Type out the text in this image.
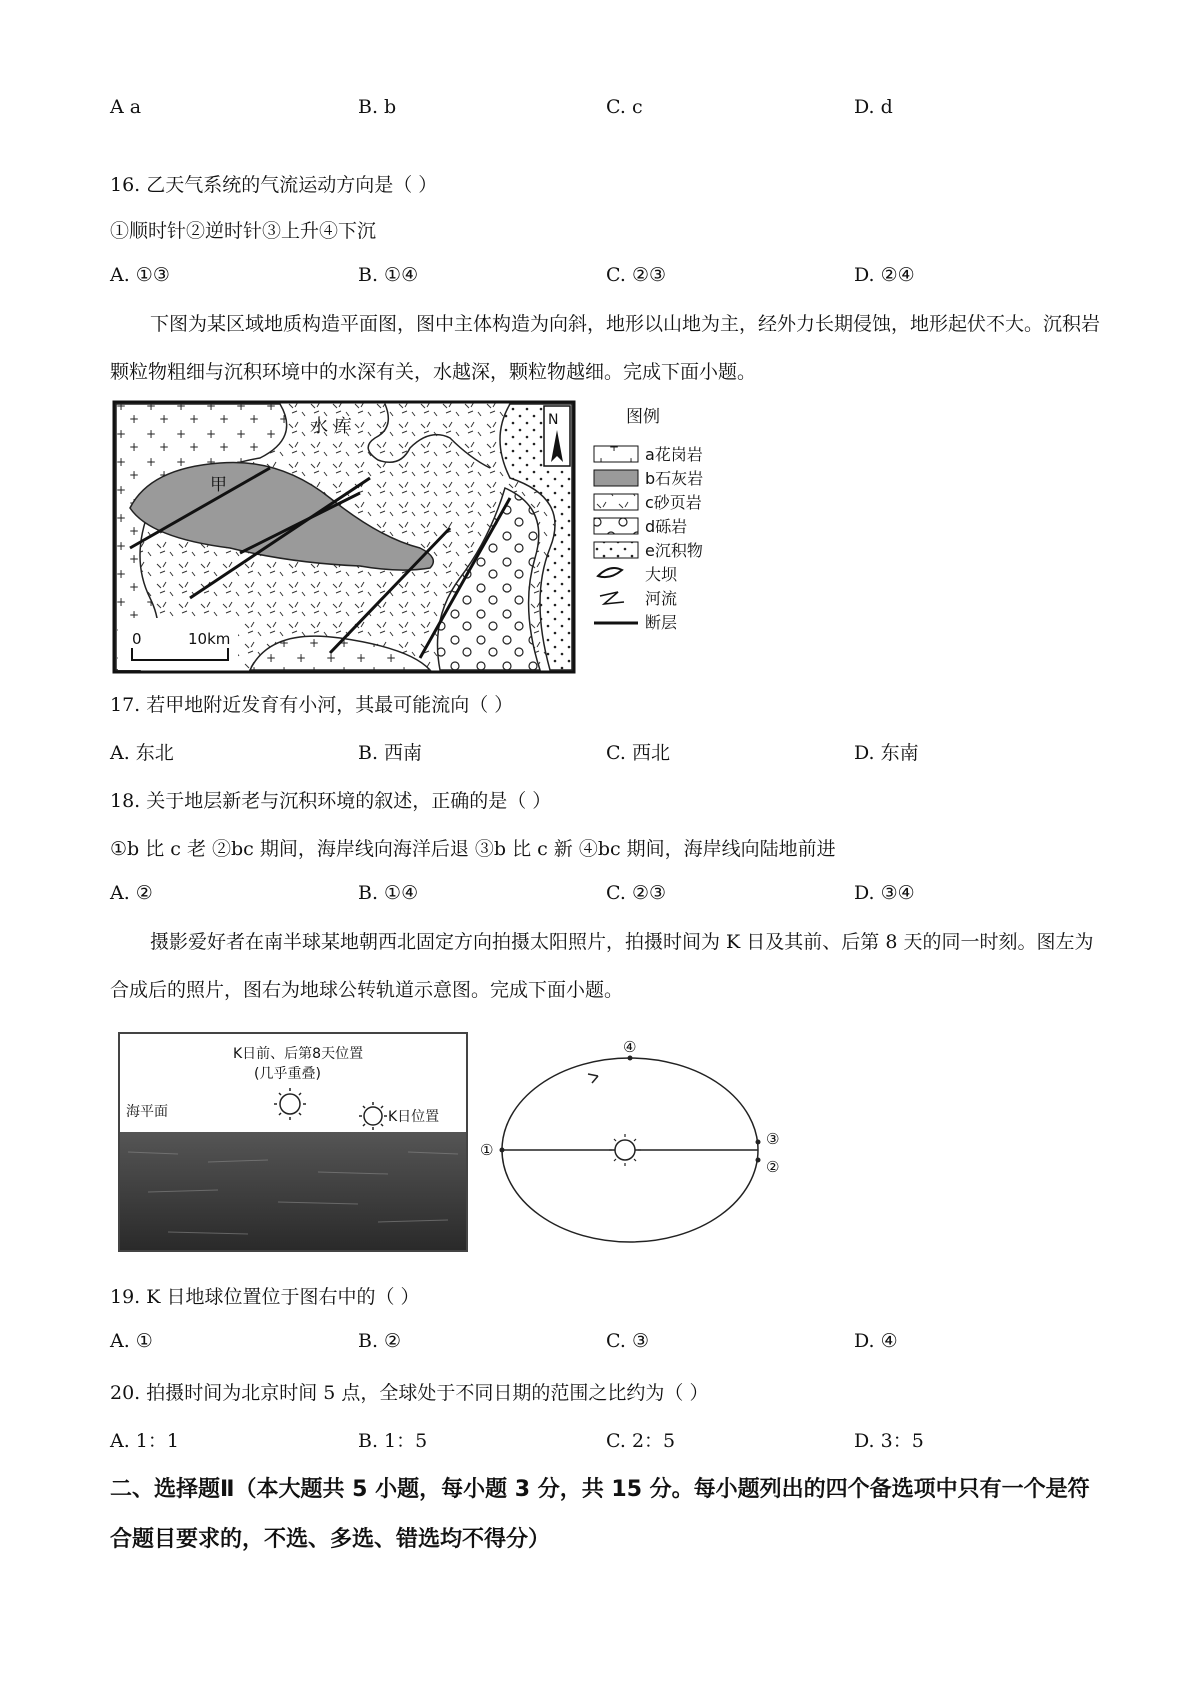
A a	B. b	C. c	D. d
16. 乙天气系统的气流运动方向是（ ）
①顺时针②逆时针③上升④下沉
A. ①③	B. ①④	C. ②③	D. ②④
下图为某区域地质构造平面图，图中主体构造为向斜，地形以山地为主，经外力长期侵蚀，地形起伏不大。沉积岩颗粒物粗细与沉积环境中的水深有关，水越深，颗粒物越细。完成下面小题。
水 库
甲
N
0	10km
图例
a花岗岩
b石灰岩
c砂页岩
d砾岩
e沉积物
大坝
河流
断层
17. 若甲地附近发育有小河，其最可能流向（ ）
A. 东北	B. 西南	C. 西北	D. 东南
18. 关于地层新老与沉积环境的叙述，正确的是（ ）
①b 比 c 老 ②bc 期间，海岸线向海洋后退 ③b 比 c 新 ④bc 期间，海岸线向陆地前进
A. ②	B. ①④	C. ②③	D. ③④
摄影爱好者在南半球某地朝西北固定方向拍摄太阳照片，拍摄时间为 K 日及其前、后第 8 天的同一时刻。图左为合成后的照片，图右为地球公转轨道示意图。完成下面小题。
K日前、后第8天位置
(几乎重叠)
海平面	K日位置
①
②
③
④
19. K 日地球位置位于图右中的（ ）
A. ①	B. ②	C. ③	D. ④
20. 拍摄时间为北京时间 5 点，全球处于不同日期的范围之比约为（ ）
A. 1：1	B. 1：5	C. 2：5	D. 3：5
二、选择题Ⅱ（本大题共 5 小题，每小题 3 分，共 15 分。每小题列出的四个备选项中只有一个是符合题目要求的，不选、多选、错选均不得分）
